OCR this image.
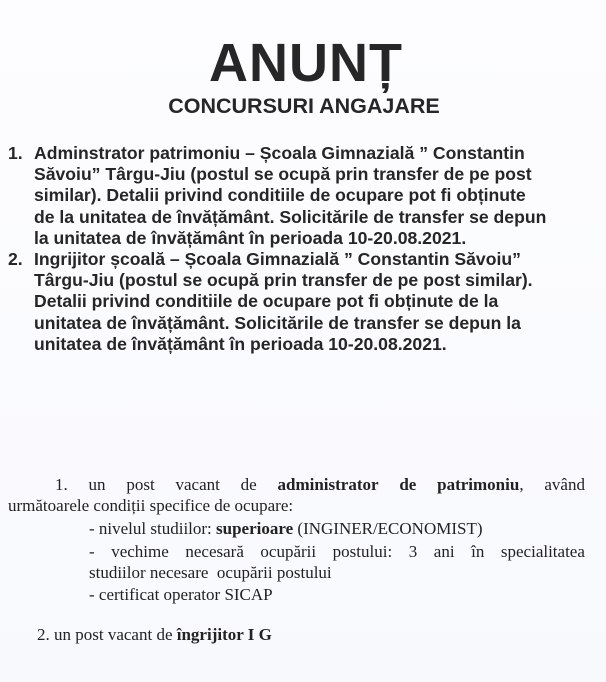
ANUNȚ
CONCURSURI ANGAJARE
1. Adminstrator patrimoniu – Școala Gimnazială ” Constantin
Săvoiu” Târgu-Jiu (postul se ocupă prin transfer de pe post
similar). Detalii privind conditiile de ocupare pot fi obținute
de la unitatea de învățământ. Solicitările de transfer se depun
la unitatea de învățământ în perioada 10-20.08.2021.
2. Ingrijitor școală – Școala Gimnazială ” Constantin Săvoiu”
Târgu-Jiu (postul se ocupă prin transfer de pe post similar).
Detalii privind conditiile de ocupare pot fi obținute de la
unitatea de învățământ. Solicitările de transfer se depun la
unitatea de învățământ în perioada 10-20.08.2021.
1. un post vacant de administrator de patrimoniu, având
următoarele condiții specifice de ocupare:
- nivelul studiilor: superioare (INGINER/ECONOMIST)
- vechime necesară ocupării postului: 3 ani în specialitatea
studiilor necesare  ocupării postului
- certificat operator SICAP
2. un post vacant de îngrijitor I G
